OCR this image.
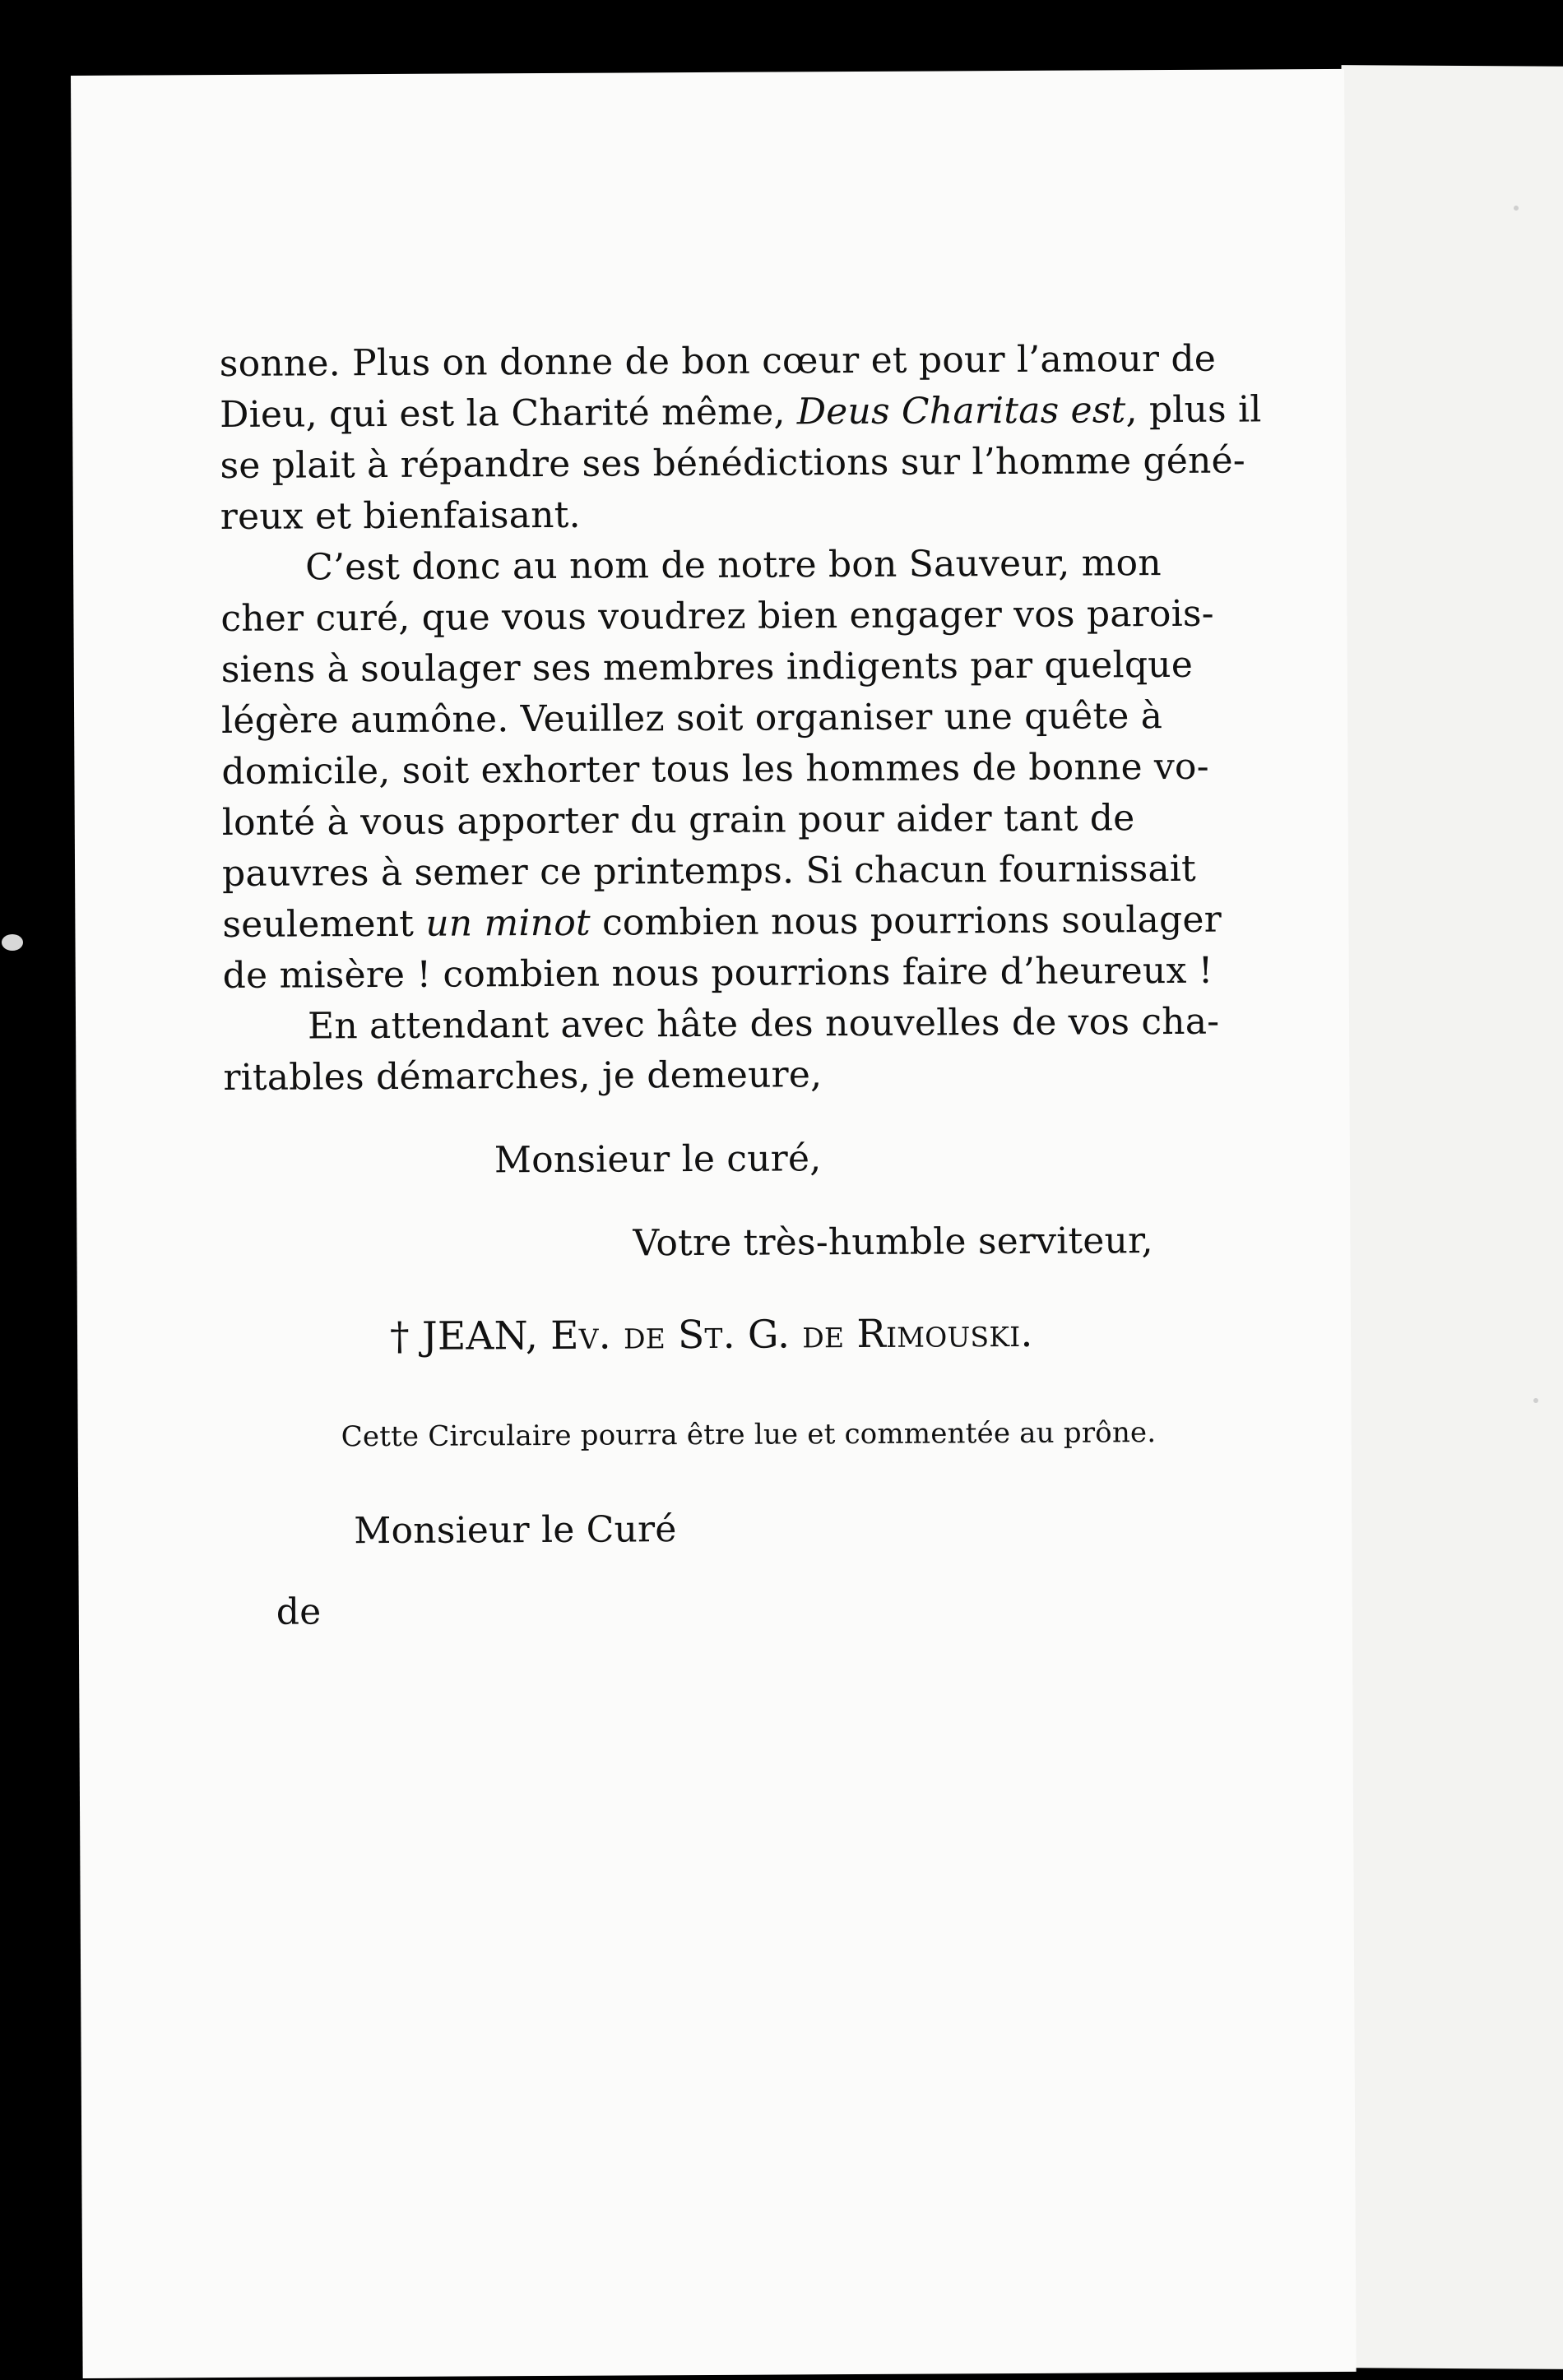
sonne. Plus on donne de bon cœur et pour l’amour de
Dieu, qui est la Charité même, Deus Charitas est, plus il
se plait à répandre ses bénédictions sur l’homme géné-
reux et bienfaisant.
C’est donc au nom de notre bon Sauveur, mon
cher curé, que vous voudrez bien engager vos parois-
siens à soulager ses membres indigents par quelque
légère aumône. Veuillez soit organiser une quête à
domicile, soit exhorter tous les hommes de bonne vo-
lonté à vous apporter du grain pour aider tant de
pauvres à semer ce printemps. Si chacun fournissait
seulement un minot combien nous pourrions soulager
de misère ! combien nous pourrions faire d’heureux !
En attendant avec hâte des nouvelles de vos cha-
ritables démarches, je demeure,
Monsieur le curé,
Votre très-humble serviteur,
† JEAN, Ev. de St. G. de Rimouski.
Cette Circulaire pourra être lue et commentée au prône.
Monsieur le Curé
de
